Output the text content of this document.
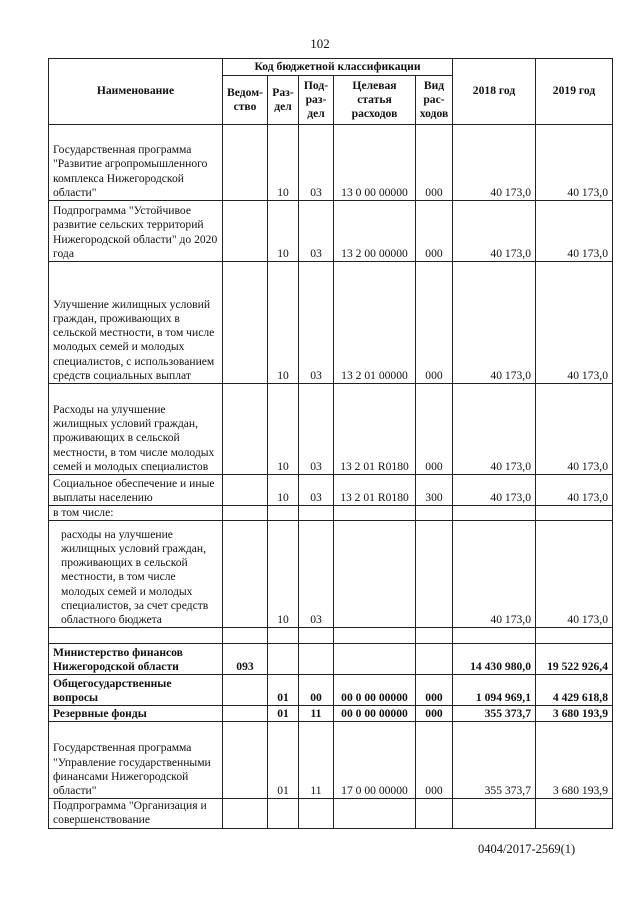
102
Наименование	Код бюджетной классификации					2018 год	2019 год
	Ведом-ство	Раз-дел	Под-раз-дел	Целевая статья расходов	Вид рас-ходов		
Государственная программа "Развитие агропромышленного комплекса Нижегородской области"		10	03	13 0 00 00000	000	40 173,0	40 173,0
Подпрограмма "Устойчивое развитие сельских территорий Нижегородской области" до 2020 года		10	03	13 2 00 00000	000	40 173,0	40 173,0
Улучшение жилищных условий граждан, проживающих в сельской местности, в том числе молодых семей и молодых специалистов, с использованием средств социальных выплат		10	03	13 2 01 00000	000	40 173,0	40 173,0
Расходы на улучшение жилищных условий граждан, проживающих в сельской местности, в том числе молодых семей и молодых специалистов		10	03	13 2 01 R0180	000	40 173,0	40 173,0
Социальное обеспечение и иные выплаты населению		10	03	13 2 01 R0180	300	40 173,0	40 173,0
в том числе:							
расходы на улучшение жилищных условий граждан, проживающих в сельской местности, в том числе молодых семей и молодых специалистов, за счет средств областного бюджета		10	03			40 173,0	40 173,0

Министерство финансов Нижегородской области	093					14 430 980,0	19 522 926,4
Общегосударственные вопросы		01	00	00 0 00 00000	000	1 094 969,1	4 429 618,8
Резервные фонды		01	11	00 0 00 00000	000	355 373,7	3 680 193,9
Государственная программа "Управление государственными финансами Нижегородской области"		01	11	17 0 00 00000	000	355 373,7	3 680 193,9
Подпрограмма "Организация и совершенствование							
0404/2017-2569(1)
